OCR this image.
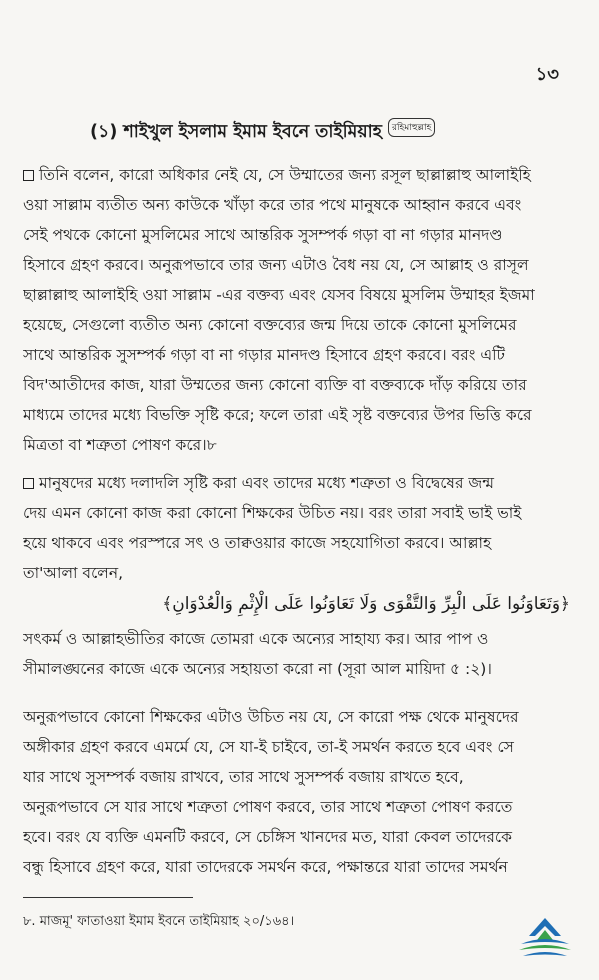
১৩
(১) শাইখুল ইসলাম ইমাম ইবনে তাইমিয়াহ রহিমাহুল্লাহ
তিনি বলেন, কারো অধিকার নেই যে, সে উম্মাতের জন্য রসূল ছাল্লাল্লাহু আলাইহি
ওয়া সাল্লাম ব্যতীত অন্য কাউকে খাঁড়া করে তার পথে মানুষকে আহ্বান করবে এবং
সেই পথকে কোনো মুসলিমের সাথে আন্তরিক সুসম্পর্ক গড়া বা না গড়ার মানদণ্ড
হিসাবে গ্রহণ করবে। অনুরূপভাবে তার জন্য এটাও বৈধ নয় যে, সে আল্লাহ ও রাসূল
ছাল্লাল্লাহু আলাইহি ওয়া সাল্লাম -এর বক্তব্য এবং যেসব বিষয়ে মুসলিম উম্মাহর ইজমা
হয়েছে, সেগুলো ব্যতীত অন্য কোনো বক্তব্যের জন্ম দিয়ে তাকে কোনো মুসলিমের
সাথে আন্তরিক সুসম্পর্ক গড়া বা না গড়ার মানদণ্ড হিসাবে গ্রহণ করবে। বরং এটি
বিদ'আতীদের কাজ, যারা উম্মতের জন্য কোনো ব্যক্তি বা বক্তব্যকে দাঁড় করিয়ে তার
মাধ্যমে তাদের মধ্যে বিভক্তি সৃষ্টি করে; ফলে তারা এই সৃষ্ট বক্তব্যের উপর ভিত্তি করে
মিত্রতা বা শত্রুতা পোষণ করে।৮
মানুষদের মধ্যে দলাদলি সৃষ্টি করা এবং তাদের মধ্যে শত্রুতা ও বিদ্বেষের জন্ম
দেয় এমন কোনো কাজ করা কোনো শিক্ষকের উচিত নয়। বরং তারা সবাই ভাই ভাই
হয়ে থাকবে এবং পরস্পরে সৎ ও তাক্বওয়ার কাজে সহযোগিতা করবে। আল্লাহ
তা'আলা বলেন,
﴿وَتَعَاوَنُوا عَلَى الْبِرِّ وَالتَّقْوَى وَلَا تَعَاوَنُوا عَلَى الْإِثْمِ وَالْعُدْوَانِ﴾
সৎকর্ম ও আল্লাহভীতির কাজে তোমরা একে অন্যের সাহায্য কর। আর পাপ ও
সীমালঙ্ঘনের কাজে একে অন্যের সহায়তা করো না (সূরা আল মায়িদা ৫ :২)।
অনুরূপভাবে কোনো শিক্ষকের এটাও উচিত নয় যে, সে কারো পক্ষ থেকে মানুষদের
অঙ্গীকার গ্রহণ করবে এমর্মে যে, সে যা-ই চাইবে, তা-ই সমর্থন করতে হবে এবং সে
যার সাথে সুসম্পর্ক বজায় রাখবে, তার সাথে সুসম্পর্ক বজায় রাখতে হবে,
অনুরূপভাবে সে যার সাথে শত্রুতা পোষণ করবে, তার সাথে শত্রুতা পোষণ করতে
হবে। বরং যে ব্যক্তি এমনটি করবে, সে চেঙ্গিস খানদের মত, যারা কেবল তাদেরকে
বন্ধু হিসাবে গ্রহণ করে, যারা তাদেরকে সমর্থন করে, পক্ষান্তরে যারা তাদের সমর্থন
৮. মাজমূ' ফাতাওয়া ইমাম ইবনে তাইমিয়াহ ২০/১৬৪।
